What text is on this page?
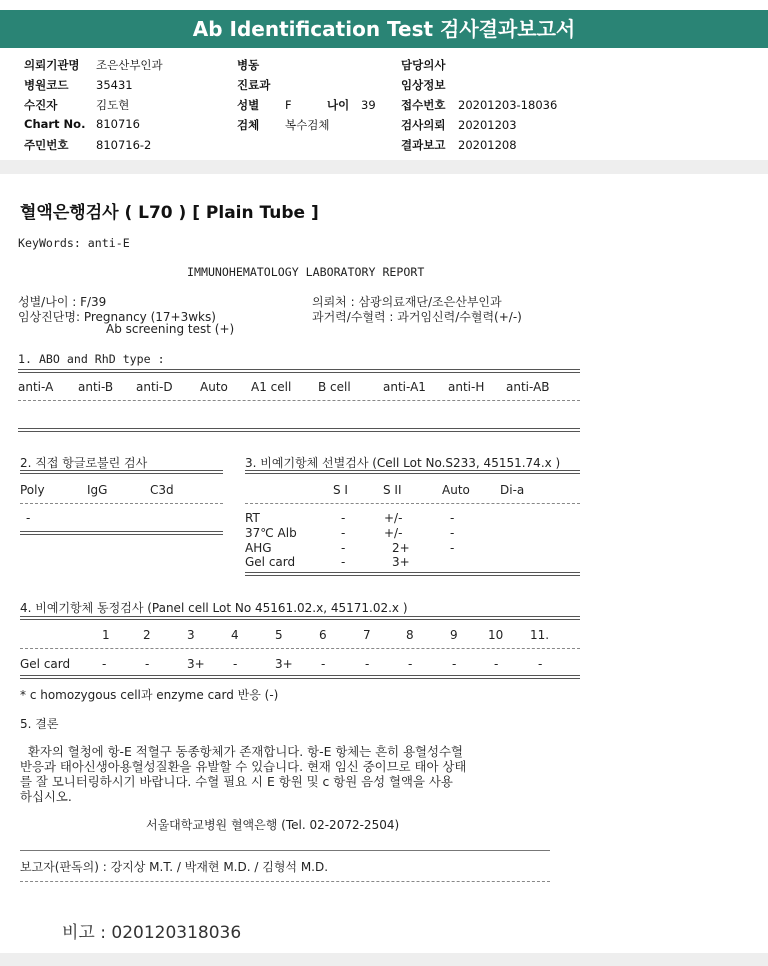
Ab Identification Test 검사결과보고서
의뢰기관명 조은산부인과
병원코드 35431
수진자	김도현
Chart No. 810716
주민번호 810716-2
병동
진료과
성별 F	나이 39
검체 복수검체
담당의사
임상정보
접수번호 20201203-18036
검사의뢰 20201203
결과보고 20201208
혈액은행검사 ( L70 ) [ Plain Tube ]
KeyWords: anti-E
IMMUNOHEMATOLOGY LABORATORY REPORT
성별/나이 : F/39	의뢰처 : 삼광의료재단/조은산부인과
임상진단명: Pregnancy (17+3wks)	과거력/수혈력 : 과거임신력/수혈력(+/-)
Ab screening test (+)
1. ABO and RhD type :
anti-A anti-B anti-D Auto A1 cell B cell	anti-A1 anti-H anti-AB
2. 직접 항글로불린 검사
Poly	IgG	C3d
-
3. 비예기항체 선별검사 (Cell Lot No.S233, 45151.74.x )
S I	S II	Auto	Di-a
RT	-	+/-	-
37℃ Alb	-	+/-	-
AHG	-	2+	-
Gel card	-	3+
4. 비예기항체 동정검사 (Panel cell Lot No 45161.02.x, 45171.02.x )
1	2	3	4	5	6	7	8	9	10 11.
Gel card	-	-	3+ -	3+ -	-	-	-	-	-
* c homozygous cell과 enzyme card 반응 (-)
5. 결론
환자의 혈청에 항-E 적혈구 동종항체가 존재합니다. 항-E 항체는 흔히 용혈성수혈
반응과 태아신생아용혈성질환을 유발할 수 있습니다. 현재 임신 중이므로 태아 상태
를 잘 모니터링하시기 바랍니다. 수혈 필요 시 E 항원 및 c 항원 음성 혈액을 사용
하십시오.
서울대학교병원 혈액은행 (Tel. 02-2072-2504)
보고자(판독의) : 강지상 M.T. / 박재현 M.D. / 김형석 M.D.
비고 : 020120318036
